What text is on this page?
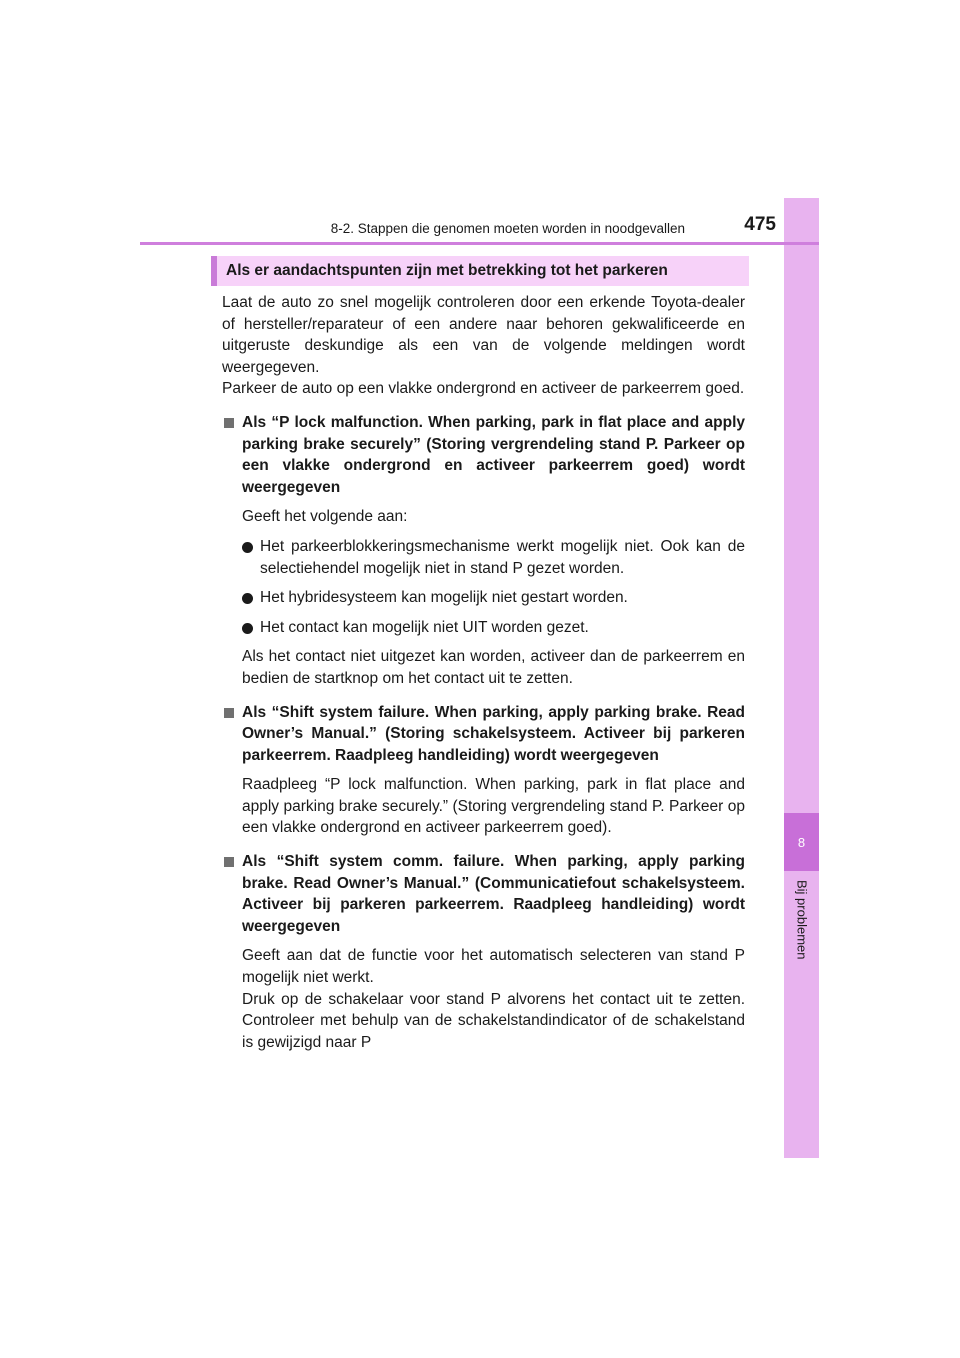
8
Bij problemen
8-2. Stappen die genomen moeten worden in noodgevallen	475
Als er aandachtspunten zijn met betrekking tot het parkeren

Laat de auto zo snel mogelijk controleren door een erkende Toyota-dealer of hersteller/reparateur of een andere naar behoren gekwalificeerde en uitgeruste deskundige als een van de volgende meldingen wordt weergegeven.

Parkeer de auto op een vlakke ondergrond en activeer de parkeerrem goed.

Als “P lock malfunction. When parking, park in flat place and apply parking brake securely” (Storing vergrendeling stand P. Parkeer op een vlakke ondergrond en activeer parkeerrem goed) wordt weergegeven

Geeft het volgende aan:

Het parkeerblokkeringsmechanisme werkt mogelijk niet. Ook kan de selectiehendel mogelijk niet in stand P gezet worden.
Het hybridesysteem kan mogelijk niet gestart worden.
Het contact kan mogelijk niet UIT worden gezet.

Als het contact niet uitgezet kan worden, activeer dan de parkeerrem en bedien de startknop om het contact uit te zetten.

Als “Shift system failure. When parking, apply parking brake. Read Owner’s Manual.” (Storing schakelsysteem. Activeer bij parkeren parkeerrem. Raadpleeg handleiding) wordt weergegeven

Raadpleeg “P lock malfunction. When parking, park in flat place and apply parking brake securely.” (Storing vergrendeling stand P. Parkeer op een vlakke ondergrond en activeer parkeerrem goed).

Als “Shift system comm. failure. When parking, apply parking brake. Read Owner’s Manual.” (Communicatiefout schakelsysteem. Activeer bij parkeren parkeerrem. Raadpleeg handleiding) wordt weergegeven

Geeft aan dat de functie voor het automatisch selecteren van stand P mogelijk niet werkt.

Druk op de schakelaar voor stand P alvorens het contact uit te zetten. Controleer met behulp van de schakelstandindicator of de schakelstand is gewijzigd naar P
